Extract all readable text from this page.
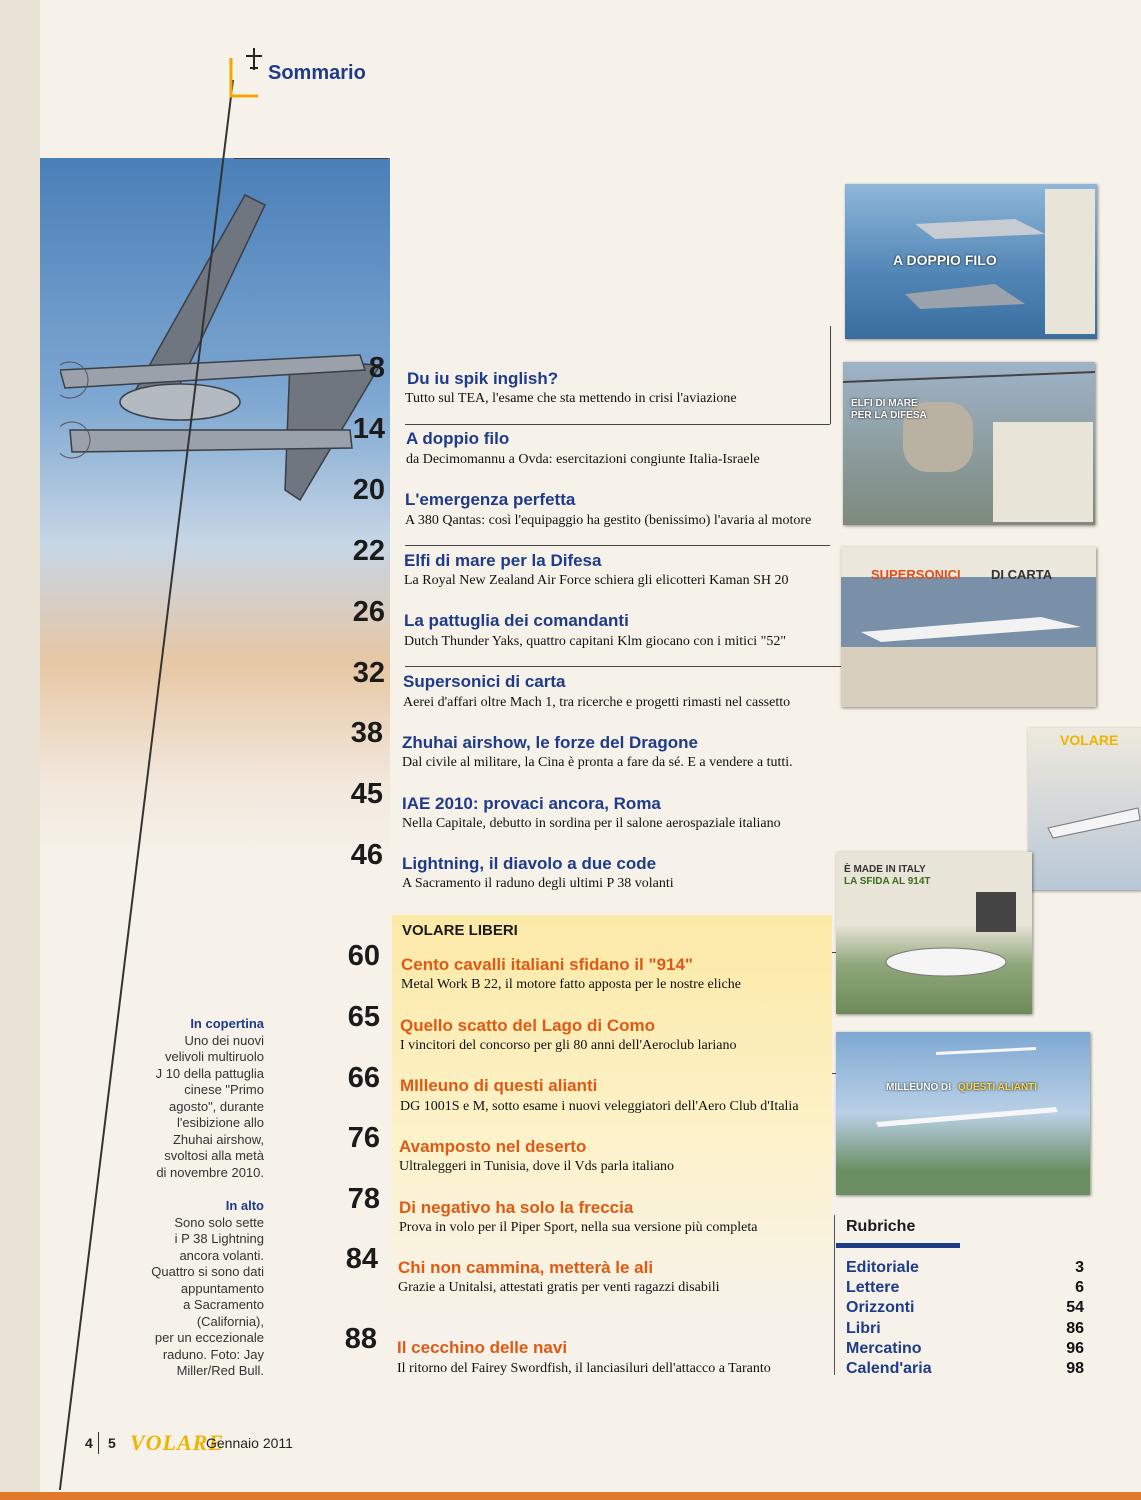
Sommario
8 Du iu spik inglish?
Tutto sul TEA, l'esame che sta mettendo in crisi l'aviazione
14 A doppio filo
da Decimomannu a Ovda: esercitazioni congiunte Italia-Israele
20 L'emergenza perfetta
A 380 Qantas: così l'equipaggio ha gestito (benissimo) l'avaria al motore
22 Elfi di mare per la Difesa
La Royal New Zealand Air Force schiera gli elicotteri Kaman SH 20
26 La pattuglia dei comandanti
Dutch Thunder Yaks, quattro capitani Klm giocano con i mitici "52"
32 Supersonici di carta
Aerei d'affari oltre Mach 1, tra ricerche e progetti rimasti nel cassetto
38 Zhuhai airshow, le forze del Dragone
Dal civile al militare, la Cina è pronta a fare da sé. E a vendere a tutti.
45 IAE 2010: provaci ancora, Roma
Nella Capitale, debutto in sordina per il salone aerospaziale italiano
46 Lightning, il diavolo a due code
A Sacramento il raduno degli ultimi P 38 volanti
VOLARE LIBERI
60 Cento cavalli italiani sfidano il "914"
Metal Work B 22, il motore fatto apposta per le nostre eliche
65 Quello scatto del Lago di Como
I vincitori del concorso per gli 80 anni dell'Aeroclub lariano
66 MIlleuno di questi alianti
DG 1001S e M, sotto esame i nuovi veleggiatori dell'Aero Club d'Italia
76 Avamposto nel deserto
Ultraleggeri in Tunisia, dove il Vds parla italiano
78 Di negativo ha solo la freccia
Prova in volo per il Piper Sport, nella sua versione più completa
84 Chi non cammina, metterà le ali
Grazie a Unitalsi, attestati gratis per venti ragazzi disabili
88 Il cecchino delle navi
Il ritorno del Fairey Swordfish, il lanciasiluri dell'attacco a Taranto
A DOPPIO FILO
ELFI DI MARE
PER LA DIFESA
SUPERSONICI DI CARTA
VOLARE
È MADE IN ITALY
LA SFIDA AL 914T
MILLEUNO DI QUESTI ALIANTI
In copertina
Uno dei nuovi
velivoli multiruolo
J 10 della pattuglia
cinese "Primo
agosto", durante
l'esibizione allo
Zhuhai airshow,
svoltosi alla metà
di novembre 2010.
In alto
Sono solo sette
i P 38 Lightning
ancora volanti.
Quattro si sono dati
appuntamento
a Sacramento
(California),
per un eccezionale
raduno. Foto: Jay
Miller/Red Bull.
Rubriche
Editoriale	3
Lettere	6
Orizzonti	54
Libri	86
Mercatino	96
Calend'aria	98
4 5 VOLARE
Gennaio 2011
